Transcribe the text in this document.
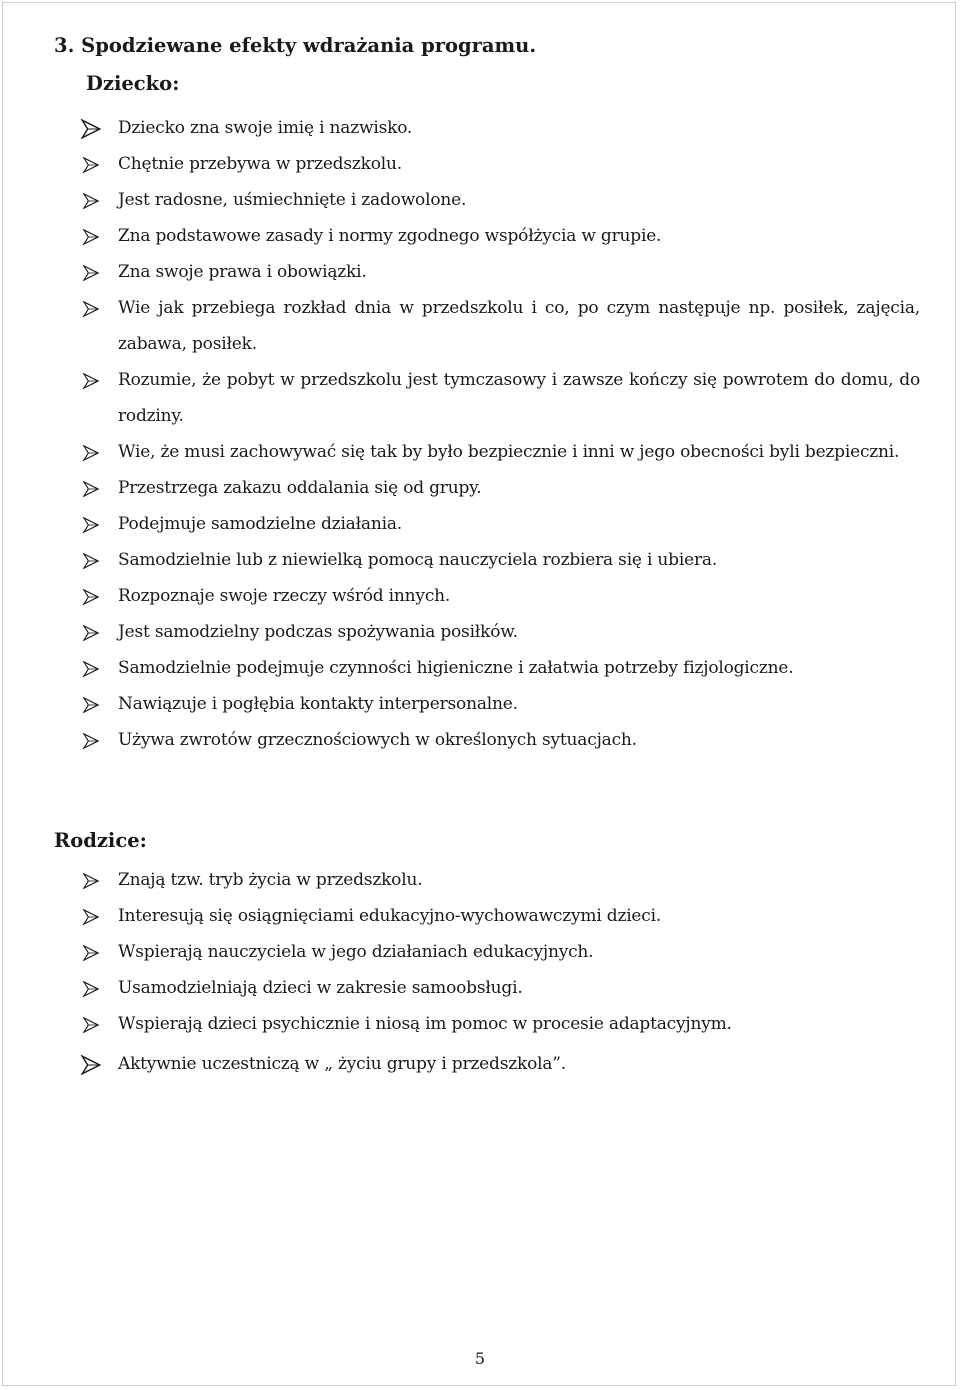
3. Spodziewane efekty wdrażania programu.
Dziecko:
Dziecko zna swoje imię i nazwisko.
Chętnie przebywa w przedszkolu.
Jest radosne, uśmiechnięte i zadowolone.
Zna podstawowe zasady i normy zgodnego współżycia w grupie.
Zna swoje prawa i obowiązki.
Wie jak przebiega rozkład dnia w przedszkolu i co, po czym następuje np. posiłek, zajęcia, zabawa, posiłek.
Rozumie, że pobyt w przedszkolu jest tymczasowy i zawsze kończy się powrotem do domu, do rodziny.
Wie, że musi zachowywać się tak by było bezpiecznie i inni w jego obecności byli bezpieczni.
Przestrzega zakazu oddalania się od grupy.
Podejmuje samodzielne działania.
Samodzielnie lub z niewielką pomocą nauczyciela rozbiera się i ubiera.
Rozpoznaje swoje rzeczy wśród innych.
Jest samodzielny podczas spożywania posiłków.
Samodzielnie podejmuje czynności higieniczne i załatwia potrzeby fizjologiczne.
Nawiązuje i pogłębia kontakty interpersonalne.
Używa zwrotów grzecznościowych w określonych sytuacjach.
Rodzice:
Znają tzw. tryb życia w przedszkolu.
Interesują się osiągnięciami edukacyjno-wychowawczymi dzieci.
Wspierają nauczyciela w jego działaniach edukacyjnych.
Usamodzielniają dzieci w zakresie samoobsługi.
Wspierają dzieci psychicznie i niosą im pomoc w procesie adaptacyjnym.
Aktywnie uczestniczą w „ życiu grupy i przedszkola”.
5
